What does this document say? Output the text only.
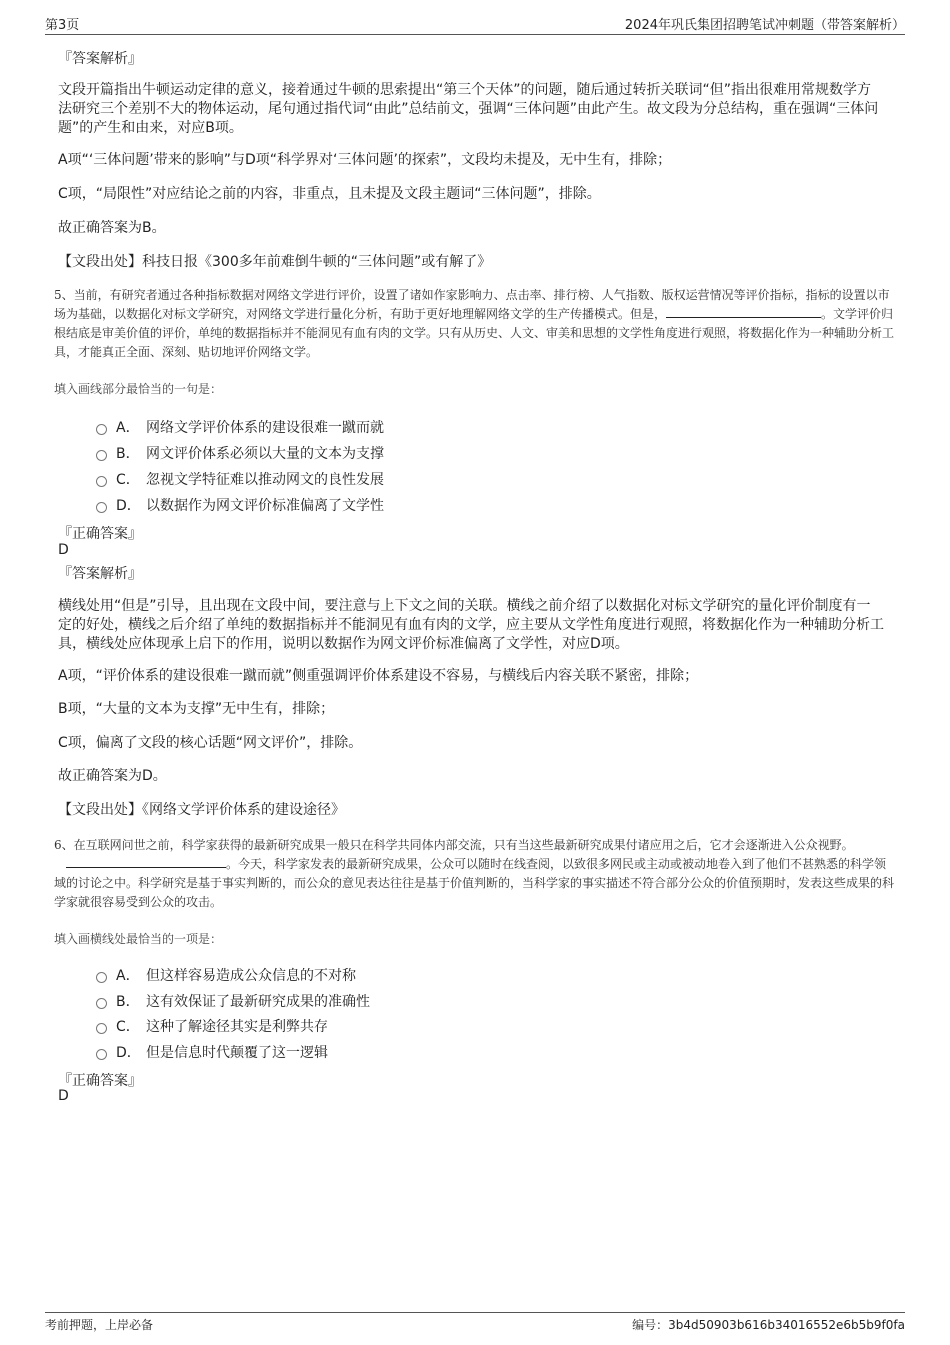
第3页	2024年巩氏集团招聘笔试冲刺题（带答案解析）
『答案解析』
文段开篇指出牛顿运动定律的意义，接着通过牛顿的思索提出“第三个天体”的问题，随后通过转折关联词“但”指出很难用常规数学方法研究三个差别不大的物体运动，尾句通过指代词“由此”总结前文，强调“三体问题”由此产生。故文段为分总结构，重在强调“三体问题”的产生和由来，对应B项。
A项“‘三体问题’带来的影响”与D项“科学界对‘三体问题’的探索”，文段均未提及，无中生有，排除；
C项，“局限性”对应结论之前的内容，非重点，且未提及文段主题词“三体问题”，排除。
故正确答案为B。
【文段出处】科技日报《300多年前难倒牛顿的“三体问题”或有解了》
5、当前，有研究者通过各种指标数据对网络文学进行评价，设置了诸如作家影响力、点击率、排行榜、人气指数、版权运营情况等评价指标，指标的设置以市场为基础，以数据化对标文学研究，对网络文学进行量化分析，有助于更好地理解网络文学的生产传播模式。但是，	。文学评价归根结底是审美价值的评价，单纯的数据指标并不能洞见有血有肉的文学。只有从历史、人文、审美和思想的文学性角度进行观照，将数据化作为一种辅助分析工具，才能真正全面、深刻、贴切地评价网络文学。
填入画线部分最恰当的一句是：
A． 网络文学评价体系的建设很难一蹴而就
B． 网文评价体系必须以大量的文本为支撑
C． 忽视文学特征难以推动网文的良性发展
D． 以数据作为网文评价标准偏离了文学性
『正确答案』
D
『答案解析』
横线处用“但是”引导，且出现在文段中间，要注意与上下文之间的关联。横线之前介绍了以数据化对标文学研究的量化评价制度有一定的好处，横线之后介绍了单纯的数据指标并不能洞见有血有肉的文学，应主要从文学性角度进行观照，将数据化作为一种辅助分析工具，横线处应体现承上启下的作用，说明以数据作为网文评价标准偏离了文学性，对应D项。
A项，“评价体系的建设很难一蹴而就”侧重强调评价体系建设不容易，与横线后内容关联不紧密，排除；
B项，“大量的文本为支撑”无中生有，排除；
C项，偏离了文段的核心话题“网文评价”，排除。
故正确答案为D。
【文段出处】《网络文学评价体系的建设途径》
6、在互联网问世之前，科学家获得的最新研究成果一般只在科学共同体内部交流，只有当这些最新研究成果付诸应用之后，它才会逐渐进入公众视野。。今天，科学家发表的最新研究成果，公众可以随时在线查阅，以致很多网民或主动或被动地卷入到了他们不甚熟悉的科学领域的讨论之中。科学研究是基于事实判断的，而公众的意见表达往往是基于价值判断的，当科学家的事实描述不符合部分公众的价值预期时，发表这些成果的科学家就很容易受到公众的攻击。
填入画横线处最恰当的一项是：
A． 但这样容易造成公众信息的不对称
B． 这有效保证了最新研究成果的准确性
C． 这种了解途径其实是利弊共存
D． 但是信息时代颠覆了这一逻辑
『正确答案』
D
考前押题，上岸必备	编号：3b4d50903b616b34016552e6b5b9f0fa
